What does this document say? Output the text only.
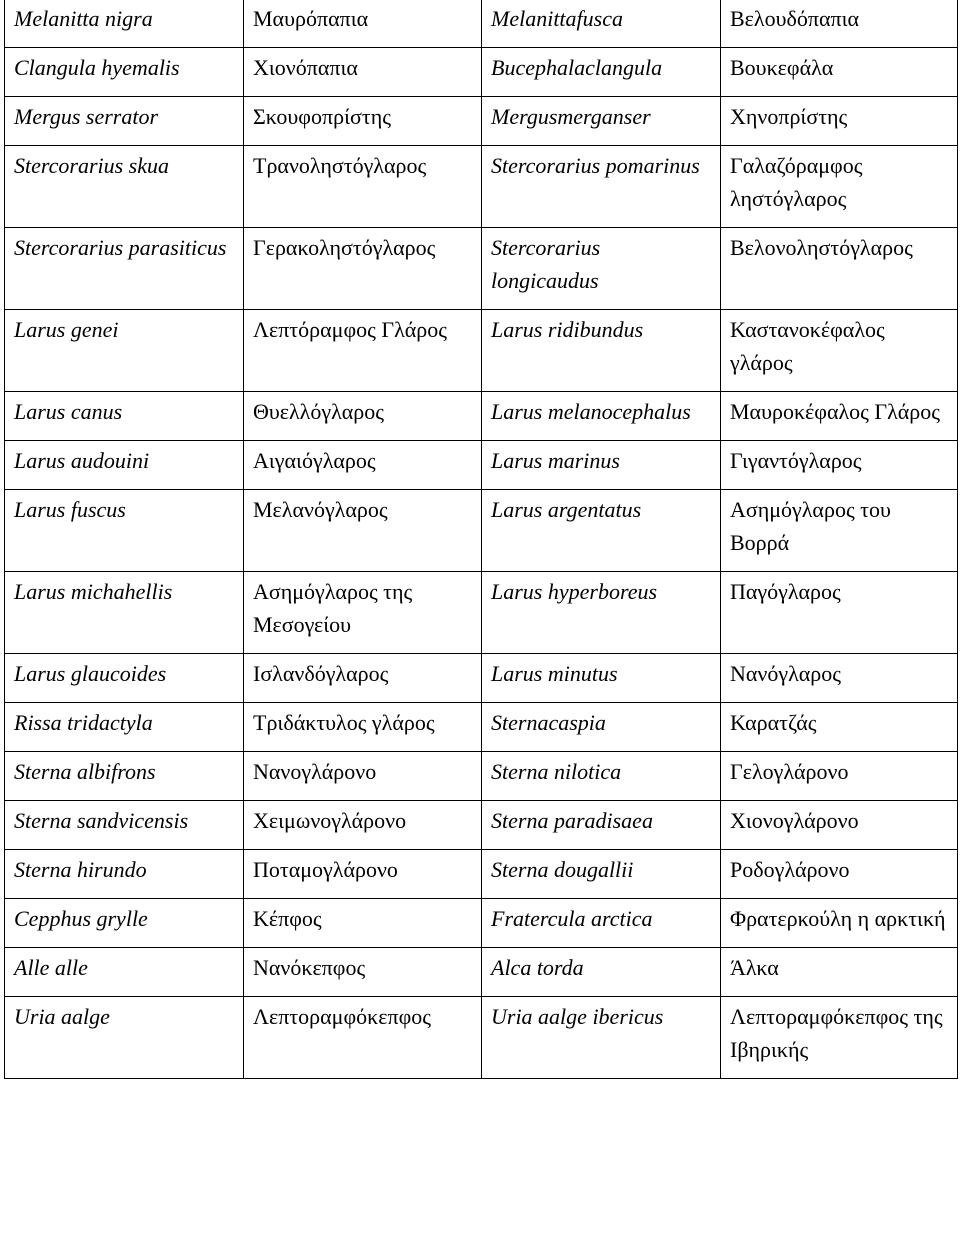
Melanitta nigra	Μαυρόπαπια	Melanittafusca	Βελουδόπαπια
Clangula hyemalis	Χιονόπαπια	Bucephalaclangula	Βουκεφάλα
Mergus serrator	Σκουφοπρίστης	Mergusmerganser	Χηνοπρίστης
Stercorarius skua	Τρανοληστόγλαρος	Stercorarius pomarinus	Γαλαζόραμφος ληστόγλαρος
Stercorarius parasiticus	Γερακοληστόγλαρος	Stercorarius longicaudus	Βελονοληστόγλαρος
Larus genei	Λεπτόραμφος Γλάρος	Larus ridibundus	Καστανοκέφαλος γλάρος
Larus canus	Θυελλόγλαρος	Larus melanocephalus	Μαυροκέφαλος Γλάρος
Larus audouini	Αιγαιόγλαρος	Larus marinus	Γιγαντόγλαρος
Larus fuscus	Μελανόγλαρος	Larus argentatus	Ασημόγλαρος του Βορρά
Larus michahellis	Ασημόγλαρος της Μεσογείου	Larus hyperboreus	Παγόγλαρος
Larus glaucoides	Ισλανδόγλαρος	Larus minutus	Νανόγλαρος
Rissa tridactyla	Τριδάκτυλος γλάρος	Sternacaspia	Καρατζάς
Sterna albifrons	Νανογλάρονο	Sterna nilotica	Γελογλάρονο
Sterna sandvicensis	Χειμωνογλάρονο	Sterna paradisaea	Χιονογλάρονο
Sterna hirundo	Ποταμογλάρονο	Sterna dougallii	Ροδογλάρονο
Cepphus grylle	Κέπφος	Fratercula arctica	Φρατερκούλη η αρκτική
Alle alle	Νανόκεπφος	Alca torda	Άλκα
Uria aalge	Λεπτοραμφόκεπφος	Uria aalge ibericus	Λεπτοραμφόκεπφος της Ιβηρικής
